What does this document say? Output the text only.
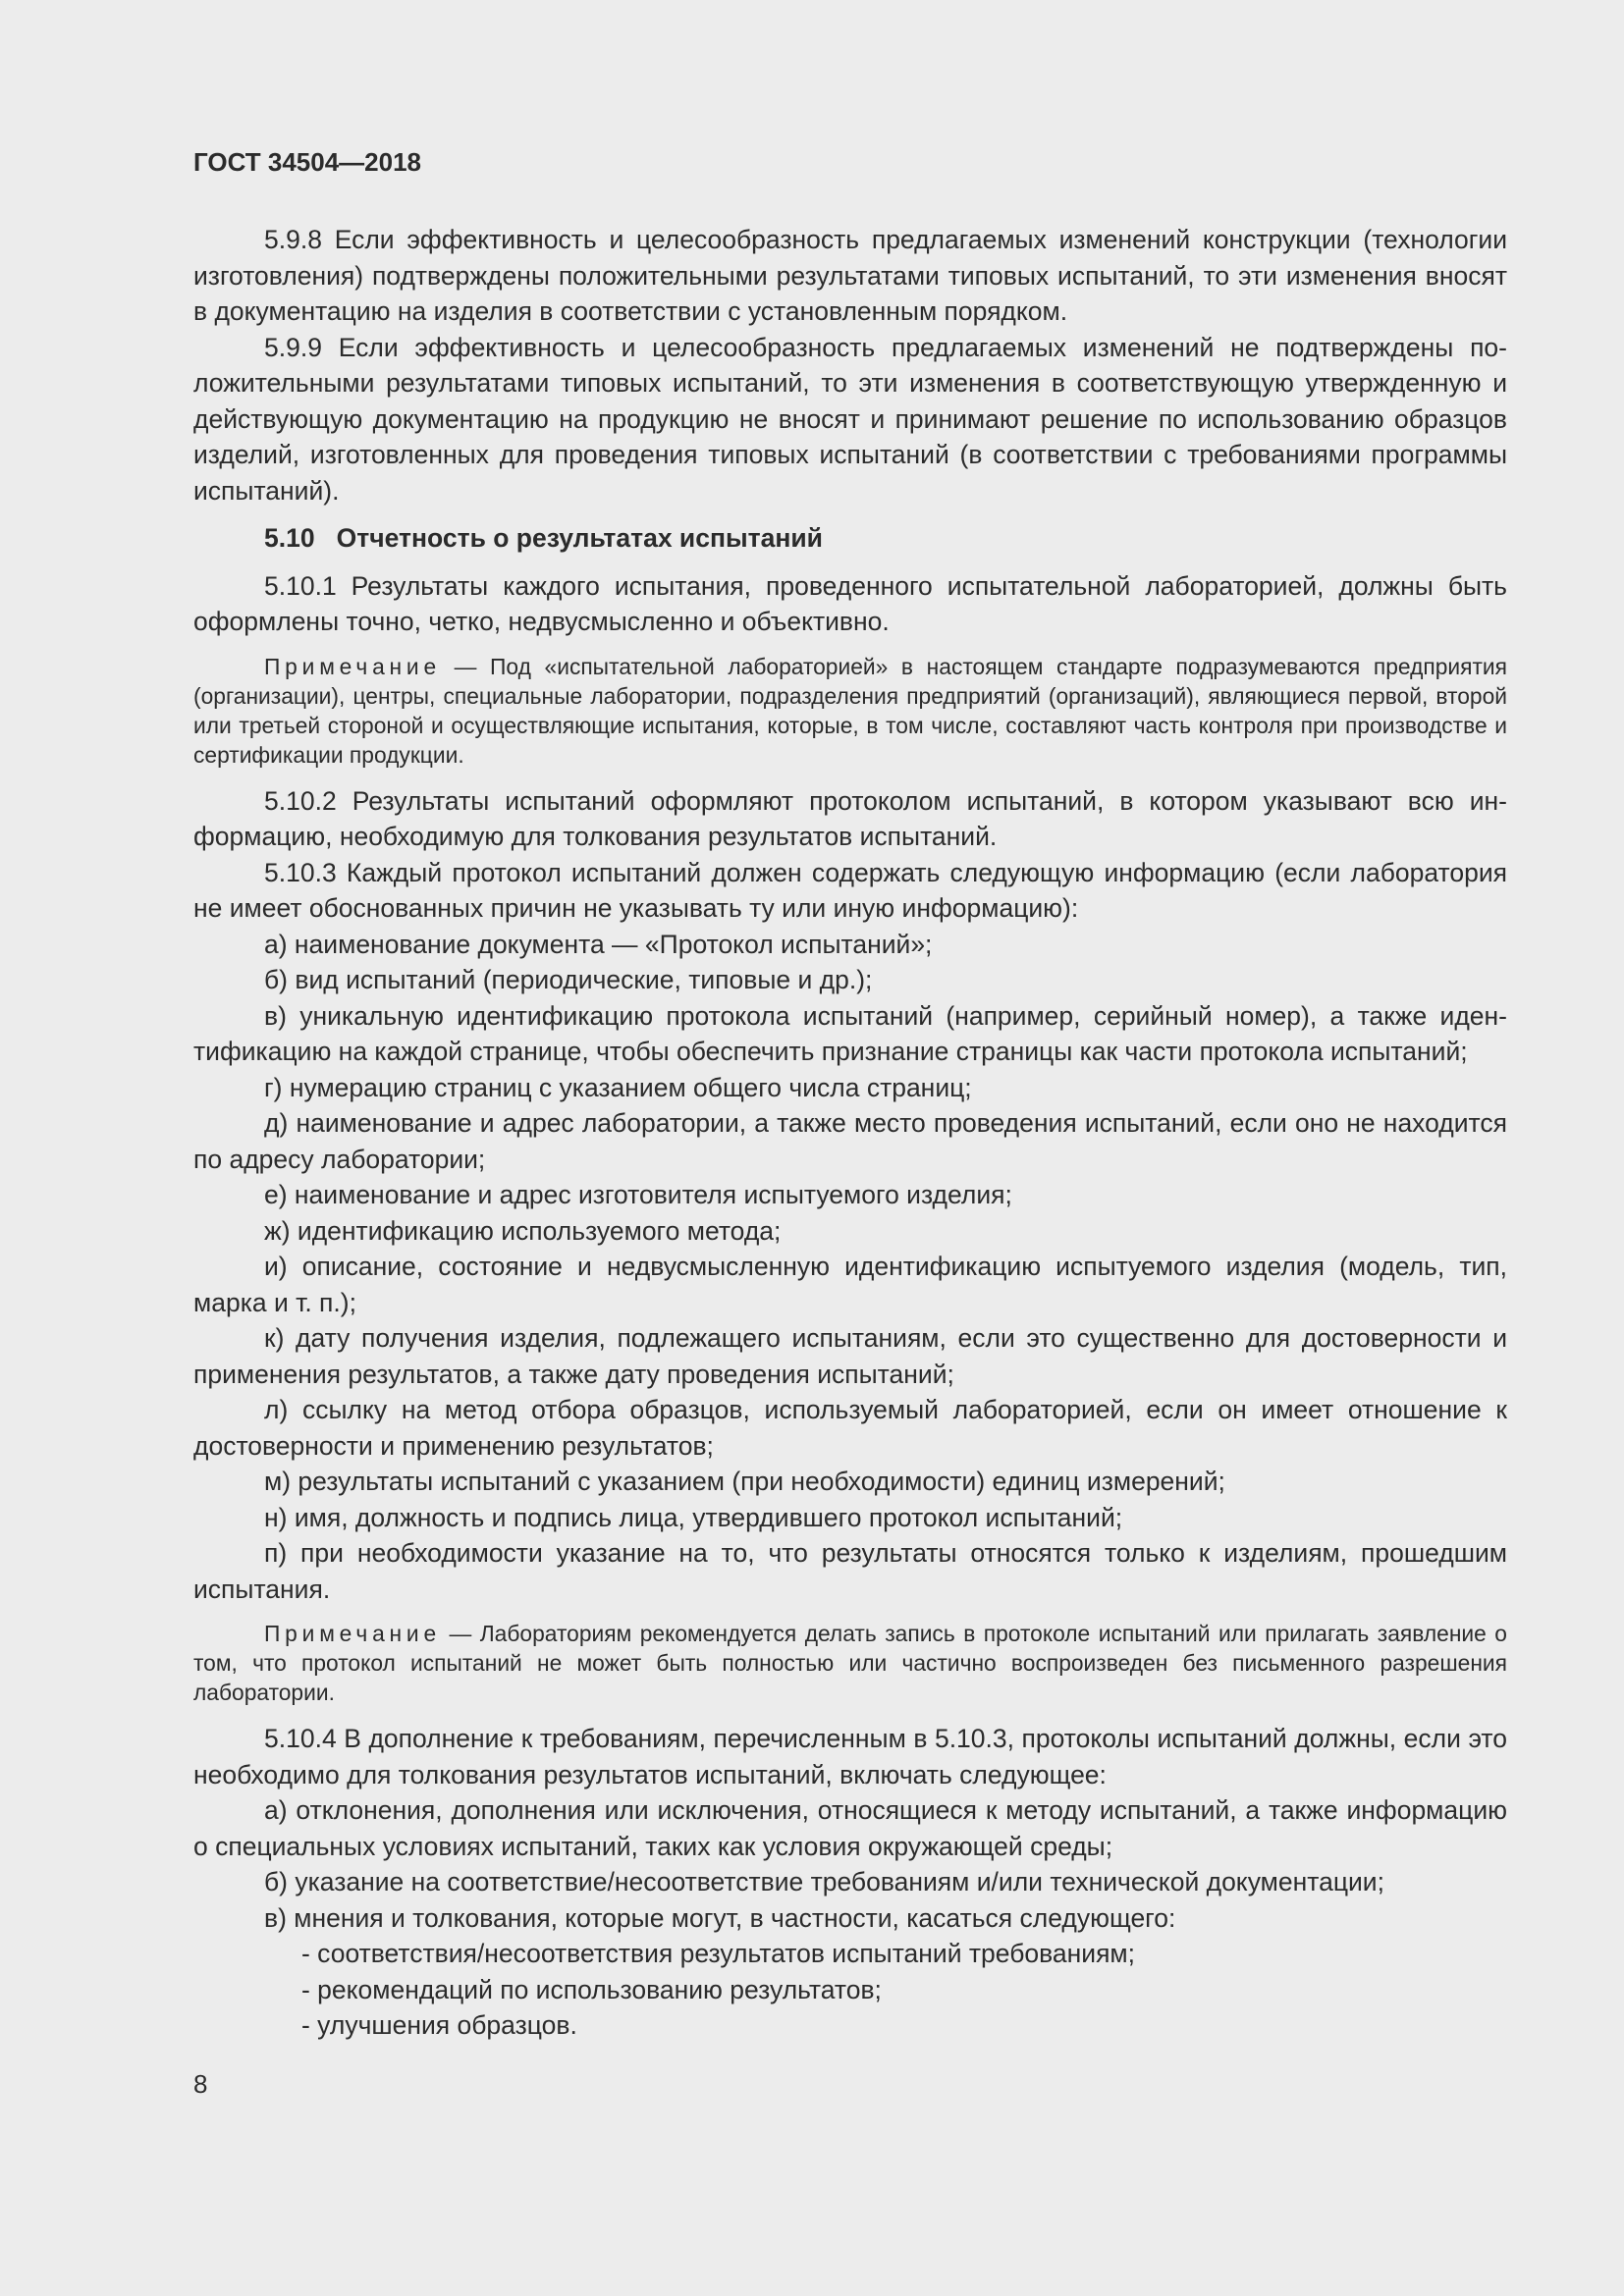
ГОСТ 34504—2018

5.9.8 Если эффективность и целесообразность предлагаемых изменений конструкции (технологии изготовления) подтверждены положительными результатами типовых испытаний, то эти изменения вносят в документацию на изделия в соответствии с установленным порядком.

5.9.9 Если эффективность и целесообразность предлагаемых изменений не подтверждены положительными результатами типовых испытаний, то эти изменения в соответствующую утвержденную и действующую документацию на продукцию не вносят и принимают решение по использованию образцов изделий, изготовленных для проведения типовых испытаний (в соответствии с требованиями программы испытаний).

5.10 Отчетность о результатах испытаний

5.10.1 Результаты каждого испытания, проведенного испытательной лабораторией, должны быть оформлены точно, четко, недвусмысленно и объективно.

Примечание — Под «испытательной лабораторией» в настоящем стандарте подразумеваются предприятия (организации), центры, специальные лаборатории, подразделения предприятий (организаций), являющиеся первой, второй или третьей стороной и осуществляющие испытания, которые, в том числе, составляют часть контроля при производстве и сертификации продукции.

5.10.2 Результаты испытаний оформляют протоколом испытаний, в котором указывают всю информацию, необходимую для толкования результатов испытаний.

5.10.3 Каждый протокол испытаний должен содержать следующую информацию (если лаборатория не имеет обоснованных причин не указывать ту или иную информацию):

а) наименование документа — «Протокол испытаний»;

б) вид испытаний (периодические, типовые и др.);

в) уникальную идентификацию протокола испытаний (например, серийный номер), а также идентификацию на каждой странице, чтобы обеспечить признание страницы как части протокола испытаний;

г) нумерацию страниц с указанием общего числа страниц;

д) наименование и адрес лаборатории, а также место проведения испытаний, если оно не находится по адресу лаборатории;

е) наименование и адрес изготовителя испытуемого изделия;

ж) идентификацию используемого метода;

и) описание, состояние и недвусмысленную идентификацию испытуемого изделия (модель, тип, марка и т. п.);

к) дату получения изделия, подлежащего испытаниям, если это существенно для достоверности и применения результатов, а также дату проведения испытаний;

л) ссылку на метод отбора образцов, используемый лабораторией, если он имеет отношение к достоверности и применению результатов;

м) результаты испытаний с указанием (при необходимости) единиц измерений;

н) имя, должность и подпись лица, утвердившего протокол испытаний;

п) при необходимости указание на то, что результаты относятся только к изделиям, прошедшим испытания.

Примечание — Лабораториям рекомендуется делать запись в протоколе испытаний или прилагать заявление о том, что протокол испытаний не может быть полностью или частично воспроизведен без письменного разрешения лаборатории.

5.10.4 В дополнение к требованиям, перечисленным в 5.10.3, протоколы испытаний должны, если это необходимо для толкования результатов испытаний, включать следующее:

а) отклонения, дополнения или исключения, относящиеся к методу испытаний, а также информацию о специальных условиях испытаний, таких как условия окружающей среды;

б) указание на соответствие/несоответствие требованиям и/или технической документации;

в) мнения и толкования, которые могут, в частности, касаться следующего:

- соответствия/несоответствия результатов испытаний требованиям;

- рекомендаций по использованию результатов;

- улучшения образцов.

8
